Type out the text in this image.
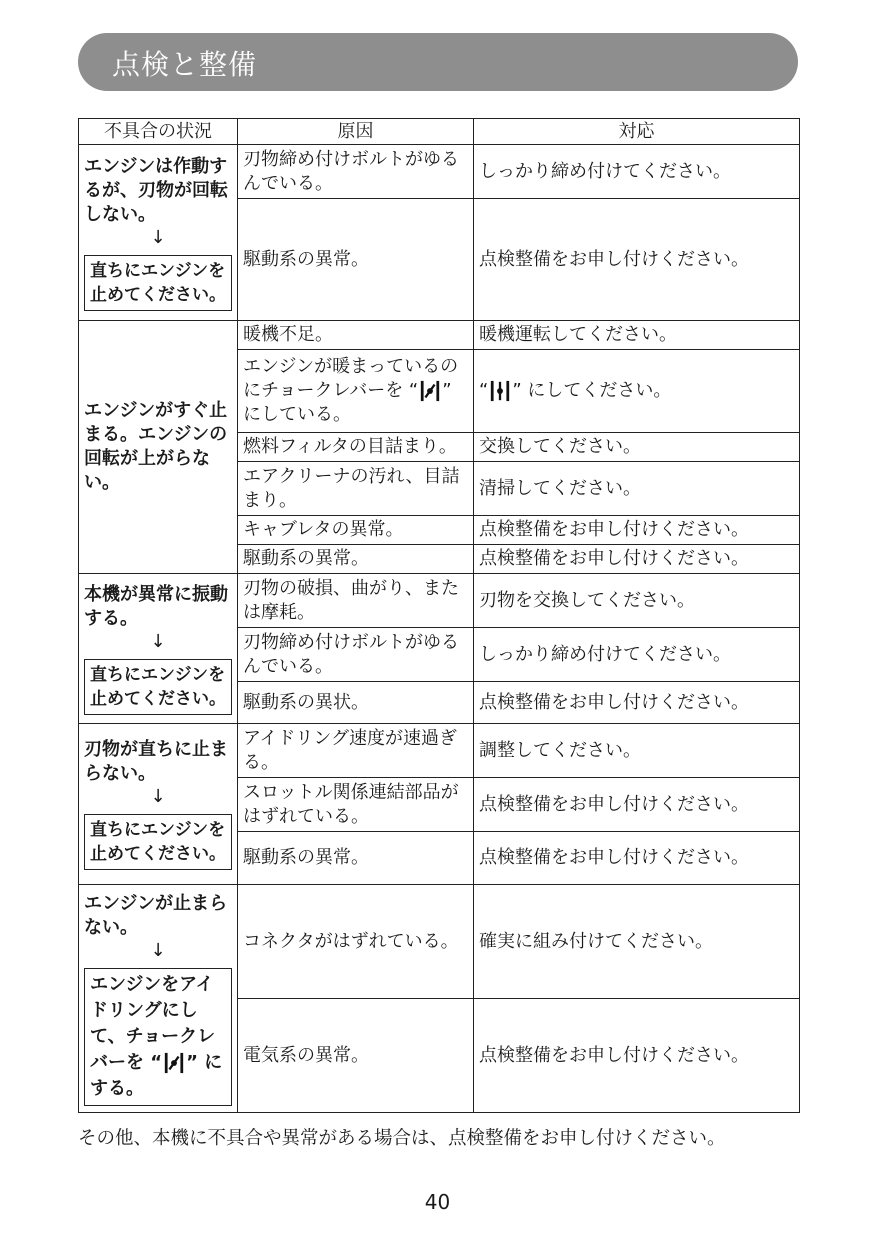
点検と整備
不具合の状況	原因	対応

エンジンは作動するが、刃物が回転しない。
↓
直ちにエンジンを止めてください。	刃物締め付けボルトがゆるんでいる。	しっかり締め付けてください。
	駆動系の異常。	点検整備をお申し付けください。

エンジンがすぐ止まる。エンジンの回転が上がらない。	暖機不足。	暖機運転してください。
	エンジンが暖まっているのにチョークレバーを “ ” にしている。	“ ” にしてください。
	燃料フィルタの目詰まり。	交換してください。
	エアクリーナの汚れ、目詰まり。	清掃してください。
	キャブレタの異常。	点検整備をお申し付けください。
	駆動系の異常。	点検整備をお申し付けください。

本機が異常に振動する。
↓
直ちにエンジンを止めてください。	刃物の破損、曲がり、または摩耗。	刃物を交換してください。
	刃物締め付けボルトがゆるんでいる。	しっかり締め付けてください。
	駆動系の異状。	点検整備をお申し付けください。

刃物が直ちに止まらない。
↓
直ちにエンジンを止めてください。	アイドリング速度が速過ぎる。	調整してください。
	スロットル関係連結部品がはずれている。	点検整備をお申し付けください。
	駆動系の異常。	点検整備をお申し付けください。

エンジンが止まらない。
↓
エンジンをアイドリングにして、チョークレバーを “ ” にする。	コネクタがはずれている。	確実に組み付けてください。
	電気系の異常。	点検整備をお申し付けください。
その他、本機に不具合や異常がある場合は、点検整備をお申し付けください。
40
